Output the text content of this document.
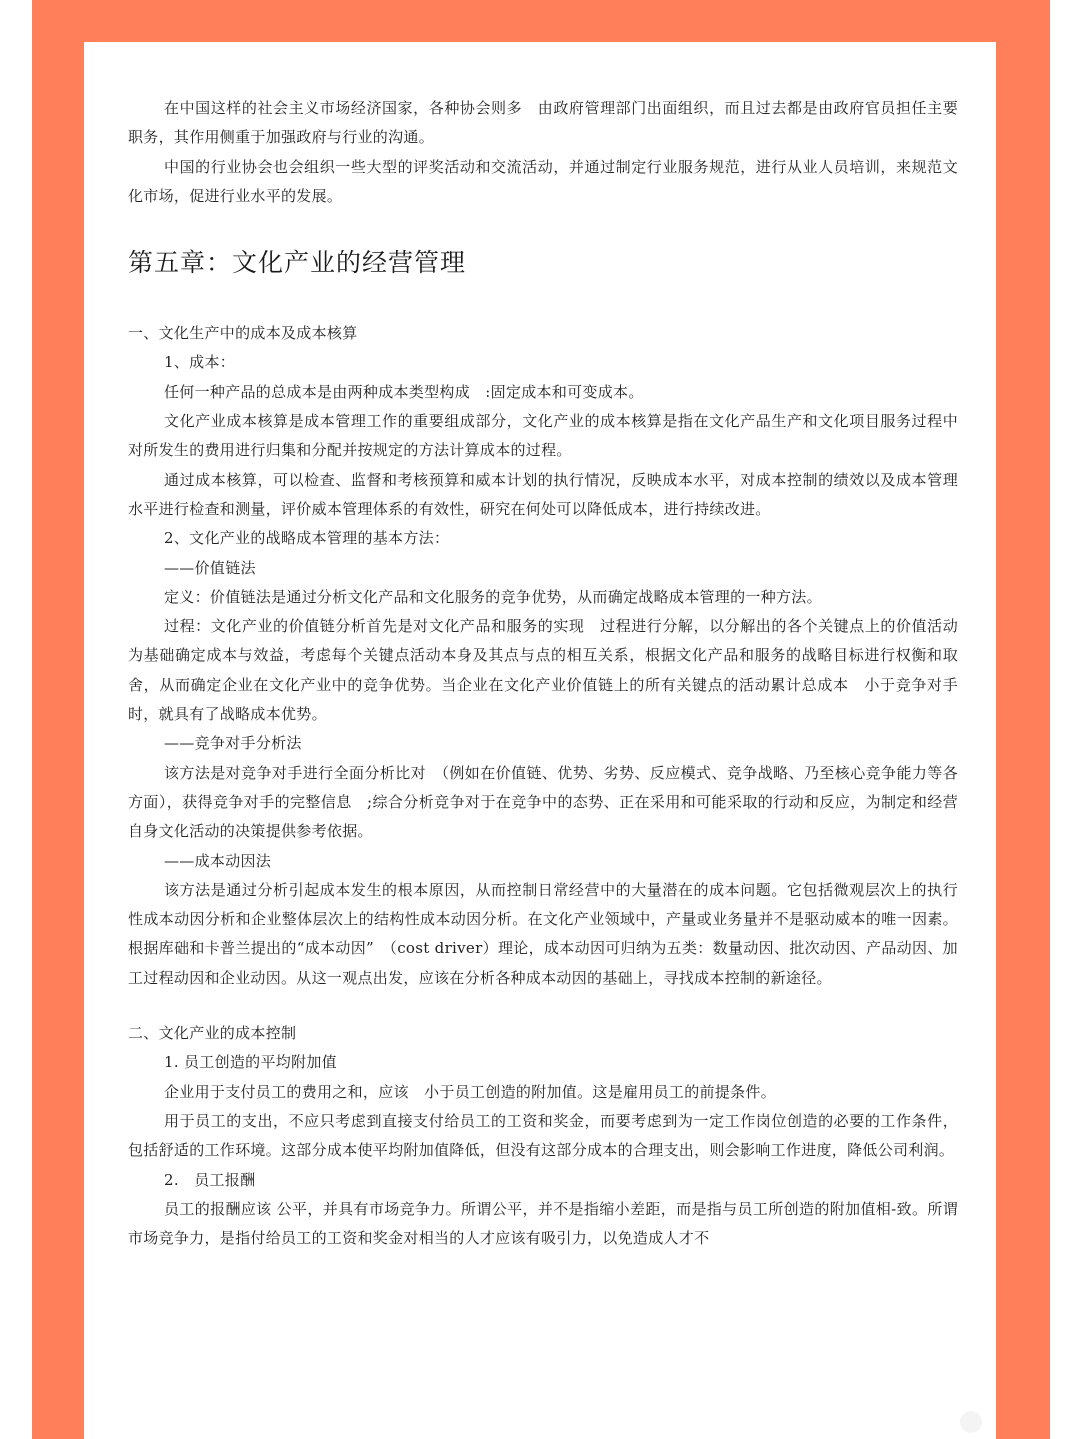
在中国这样的社会主义市场经济国家，各种协会则多　由政府管理部门出面组织，而且过去都是由政府官员担任主要职务，其作用侧重于加强政府与行业的沟通。

中国的行业协会也会组织一些大型的评奖活动和交流活动，并通过制定行业服务规范，进行从业人员培训，来规范文化市场，促进行业水平的发展。

第五章：文化产业的经营管理

一、文化生产中的成本及成本核算

1、成本：

任何一种产品的总成本是由两种成本类型构成　:固定成本和可变成本。

文化产业成本核算是成本管理工作的重要组成部分，文化产业的成本核算是指在文化产品生产和文化项目服务过程中对所发生的费用进行归集和分配并按规定的方法计算成本的过程。

通过成本核算，可以检查、监督和考核预算和威本计划的执行情况，反映成本水平，对成本控制的绩效以及成本管理水平进行检查和测量，评价威本管理体系的有效性，研究在何处可以降低成本，进行持续改进。

2、文化产业的战略成本管理的基本方法：

——价值链法

定义：价值链法是通过分析文化产品和文化服务的竞争优势，从而确定战略成本管理的一种方法。

过程：文化产业的价值链分析首先是对文化产品和服务的实现　过程进行分解，以分解出的各个关键点上的价值活动为基础确定成本与效益，考虑每个关键点活动本身及其点与点的相互关系，根据文化产品和服务的战略目标进行权衡和取舍，从而确定企业在文化产业中的竞争优势。当企业在文化产业价值链上的所有关键点的活动累计总成本　小于竞争对手时，就具有了战略成本优势。

——竞争对手分析法

该方法是对竞争对手进行全面分析比对　（例如在价值链、优势、劣势、反应模式、竞争战略、乃至核心竞争能力等各方面），获得竞争对手的完整信息　;综合分析竞争对于在竞争中的态势、正在采用和可能采取的行动和反应，为制定和经营自身文化活动的决策提供参考依据。

——成本动因法

该方法是通过分析引起成本发生的根本原因，从而控制日常经营中的大量潜在的成本问题。它包括微观层次上的执行性成本动因分析和企业整体层次上的结构性成本动因分析。在文化产业领域中，产量或业务量并不是驱动威本的唯一因素。根据库础和卡普兰提出的“成本动因”　（cost driver）理论，成本动因可归纳为五类：数量动因、批次动因、产品动因、加工过程动因和企业动因。从这一观点出发，应该在分析各种成本动因的基础上，寻找成本控制的新途径。

二、文化产业的成本控制

1. 员工创造的平均附加值

企业用于支付员工的费用之和，应该　小于员工创造的附加值。这是雇用员工的前提条件。

用于员工的支出，不应只考虑到直接支付给员工的工资和奖金，而要考虑到为一定工作岗位创造的必要的工作条件，包括舒适的工作环境。这部分成本使平均附加值降低，但没有这部分成本的合理支出，则会影响工作进度，降低公司利润。

2.　员工报酬

员工的报酬应该 公平，并具有市场竞争力。所谓公平，并不是指缩小差距，而是指与员工所创造的附加值相-致。所谓市场竞争力，是指付给员工的工资和奖金对相当的人才应该有吸引力，以免造成人才不
